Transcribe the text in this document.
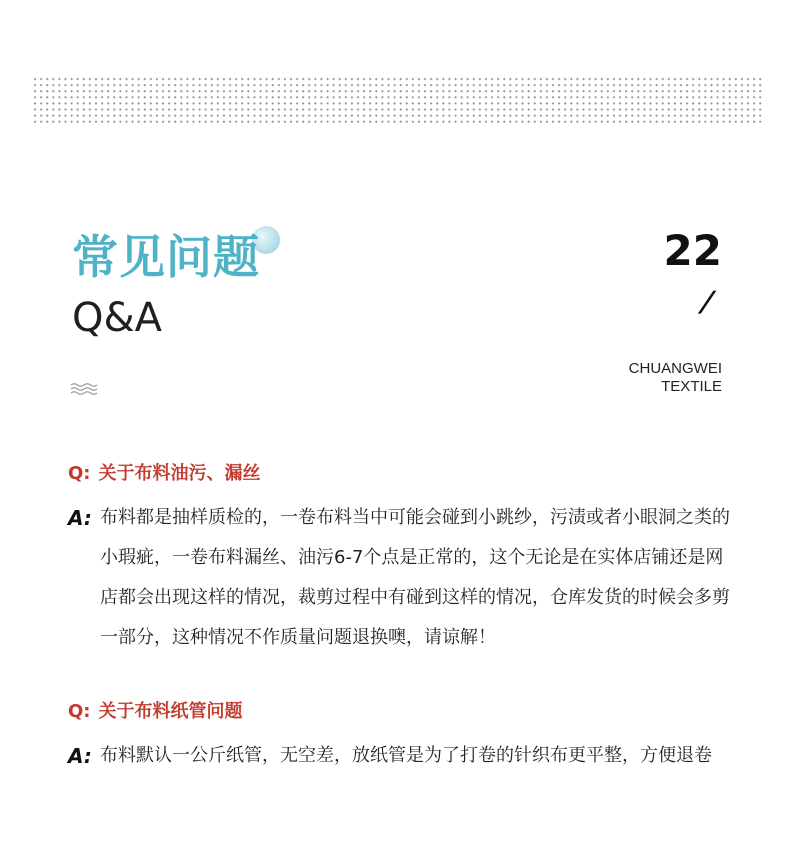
常见问题
Q&A
22
/
CHUANGWEI
TEXTILE
Q: 关于布料油污、漏丝
A: 布料都是抽样质检的，一卷布料当中可能会碰到小跳纱，污渍或者小眼洞之类的小瑕疵，一卷布料漏丝、油污6-7个点是正常的，这个无论是在实体店铺还是网店都会出现这样的情况，裁剪过程中有碰到这样的情况，仓库发货的时候会多剪一部分，这种情况不作质量问题退换噢，请谅解！
Q: 关于布料纸管问题
A: 布料默认一公斤纸管，无空差，放纸管是为了打卷的针织布更平整，方便退卷
